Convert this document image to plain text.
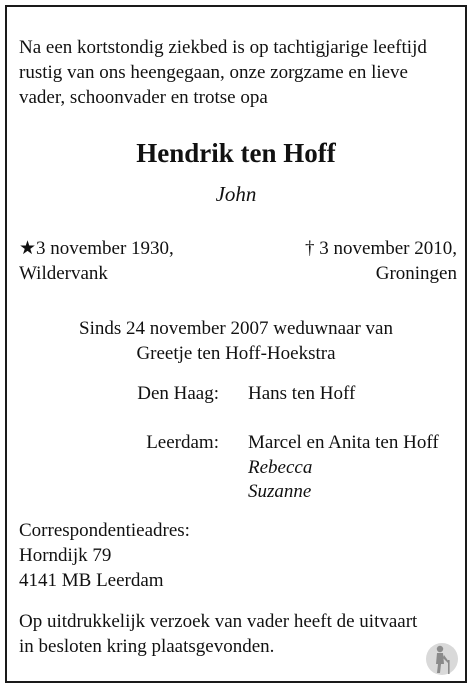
Na een kortstondig ziekbed is op tachtigjarige leeftijd

rustig van ons heengegaan, onze zorgzame en lieve

vader, schoonvader en trotse opa

Hendrik ten Hoff
John

★3 november 1930,

Wildervank

† 3 november 2010,

Groningen

Sinds 24 november 2007 weduwnaar van

Greetje ten Hoff-Hoekstra

Den Haag: Hans ten Hoff

Leerdam: Marcel en Anita ten Hoff

Rebecca

Suzanne

Correspondentieadres:

Horndijk 79

4141 MB Leerdam

Op uitdrukkelijk verzoek van vader heeft de uitvaart

in besloten kring plaatsgevonden.
